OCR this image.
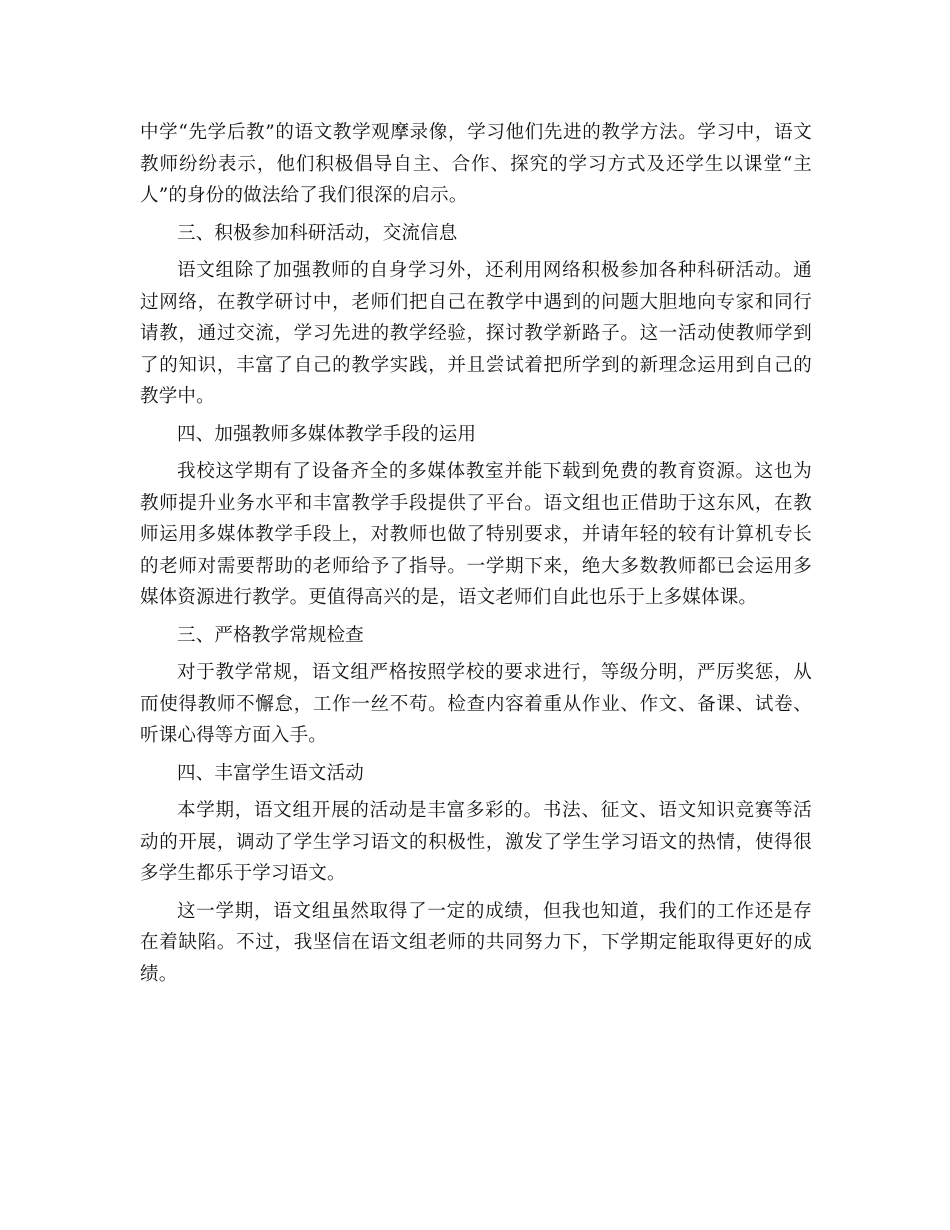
中学“先学后教”的语文教学观摩录像，学习他们先进的教学方法。学习中，语文教师纷纷表示，他们积极倡导自主、合作、探究的学习方式及还学生以课堂“主人”的身份的做法给了我们很深的启示。

三、积极参加科研活动，交流信息

语文组除了加强教师的自身学习外，还利用网络积极参加各种科研活动。通过网络，在教学研讨中，老师们把自己在教学中遇到的问题大胆地向专家和同行请教，通过交流，学习先进的教学经验，探讨教学新路子。这一活动使教师学到了的知识，丰富了自己的教学实践，并且尝试着把所学到的新理念运用到自己的教学中。

四、加强教师多媒体教学手段的运用

我校这学期有了设备齐全的多媒体教室并能下载到免费的教育资源。这也为教师提升业务水平和丰富教学手段提供了平台。语文组也正借助于这东风，在教师运用多媒体教学手段上，对教师也做了特别要求，并请年轻的较有计算机专长的老师对需要帮助的老师给予了指导。一学期下来，绝大多数教师都已会运用多媒体资源进行教学。更值得高兴的是，语文老师们自此也乐于上多媒体课。

三、严格教学常规检查

对于教学常规，语文组严格按照学校的要求进行，等级分明，严厉奖惩，从而使得教师不懈怠，工作一丝不苟。检查内容着重从作业、作文、备课、试卷、听课心得等方面入手。

四、丰富学生语文活动

本学期，语文组开展的活动是丰富多彩的。书法、征文、语文知识竞赛等活动的开展，调动了学生学习语文的积极性，激发了学生学习语文的热情，使得很多学生都乐于学习语文。

这一学期，语文组虽然取得了一定的成绩，但我也知道，我们的工作还是存在着缺陷。不过，我坚信在语文组老师的共同努力下，下学期定能取得更好的成绩。
